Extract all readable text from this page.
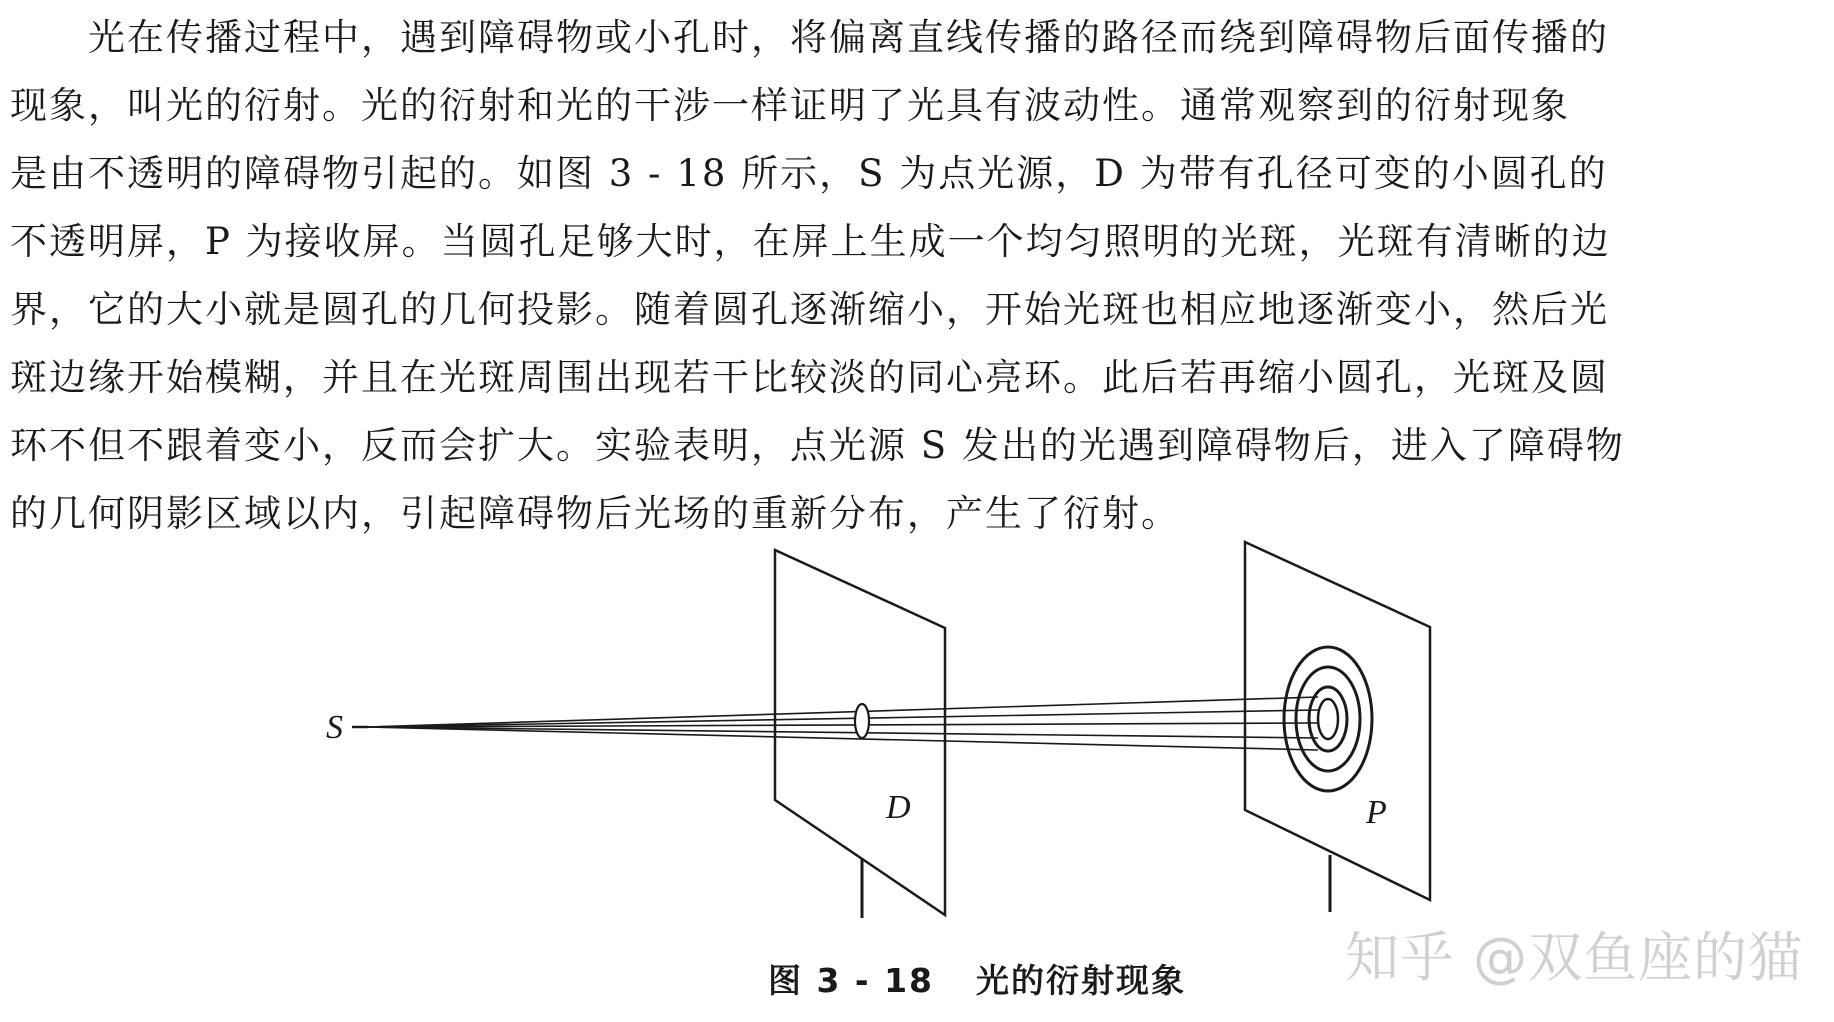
　　光在传播过程中，遇到障碍物或小孔时，将偏离直线传播的路径而绕到障碍物后面传播的
现象，叫光的衍射。光的衍射和光的干涉一样证明了光具有波动性。通常观察到的衍射现象
是由不透明的障碍物引起的。如图 3 - 18 所示，S 为点光源，D 为带有孔径可变的小圆孔的
不透明屏，P 为接收屏。当圆孔足够大时，在屏上生成一个均匀照明的光斑，光斑有清晰的边
界，它的大小就是圆孔的几何投影。随着圆孔逐渐缩小，开始光斑也相应地逐渐变小，然后光
斑边缘开始模糊，并且在光斑周围出现若干比较淡的同心亮环。此后若再缩小圆孔，光斑及圆
环不但不跟着变小，反而会扩大。实验表明，点光源 S 发出的光遇到障碍物后，进入了障碍物
的几何阴影区域以内，引起障碍物后光场的重新分布，产生了衍射。
S
D	P
图 3 - 18 光的衍射现象	知乎 @双鱼座的猫
